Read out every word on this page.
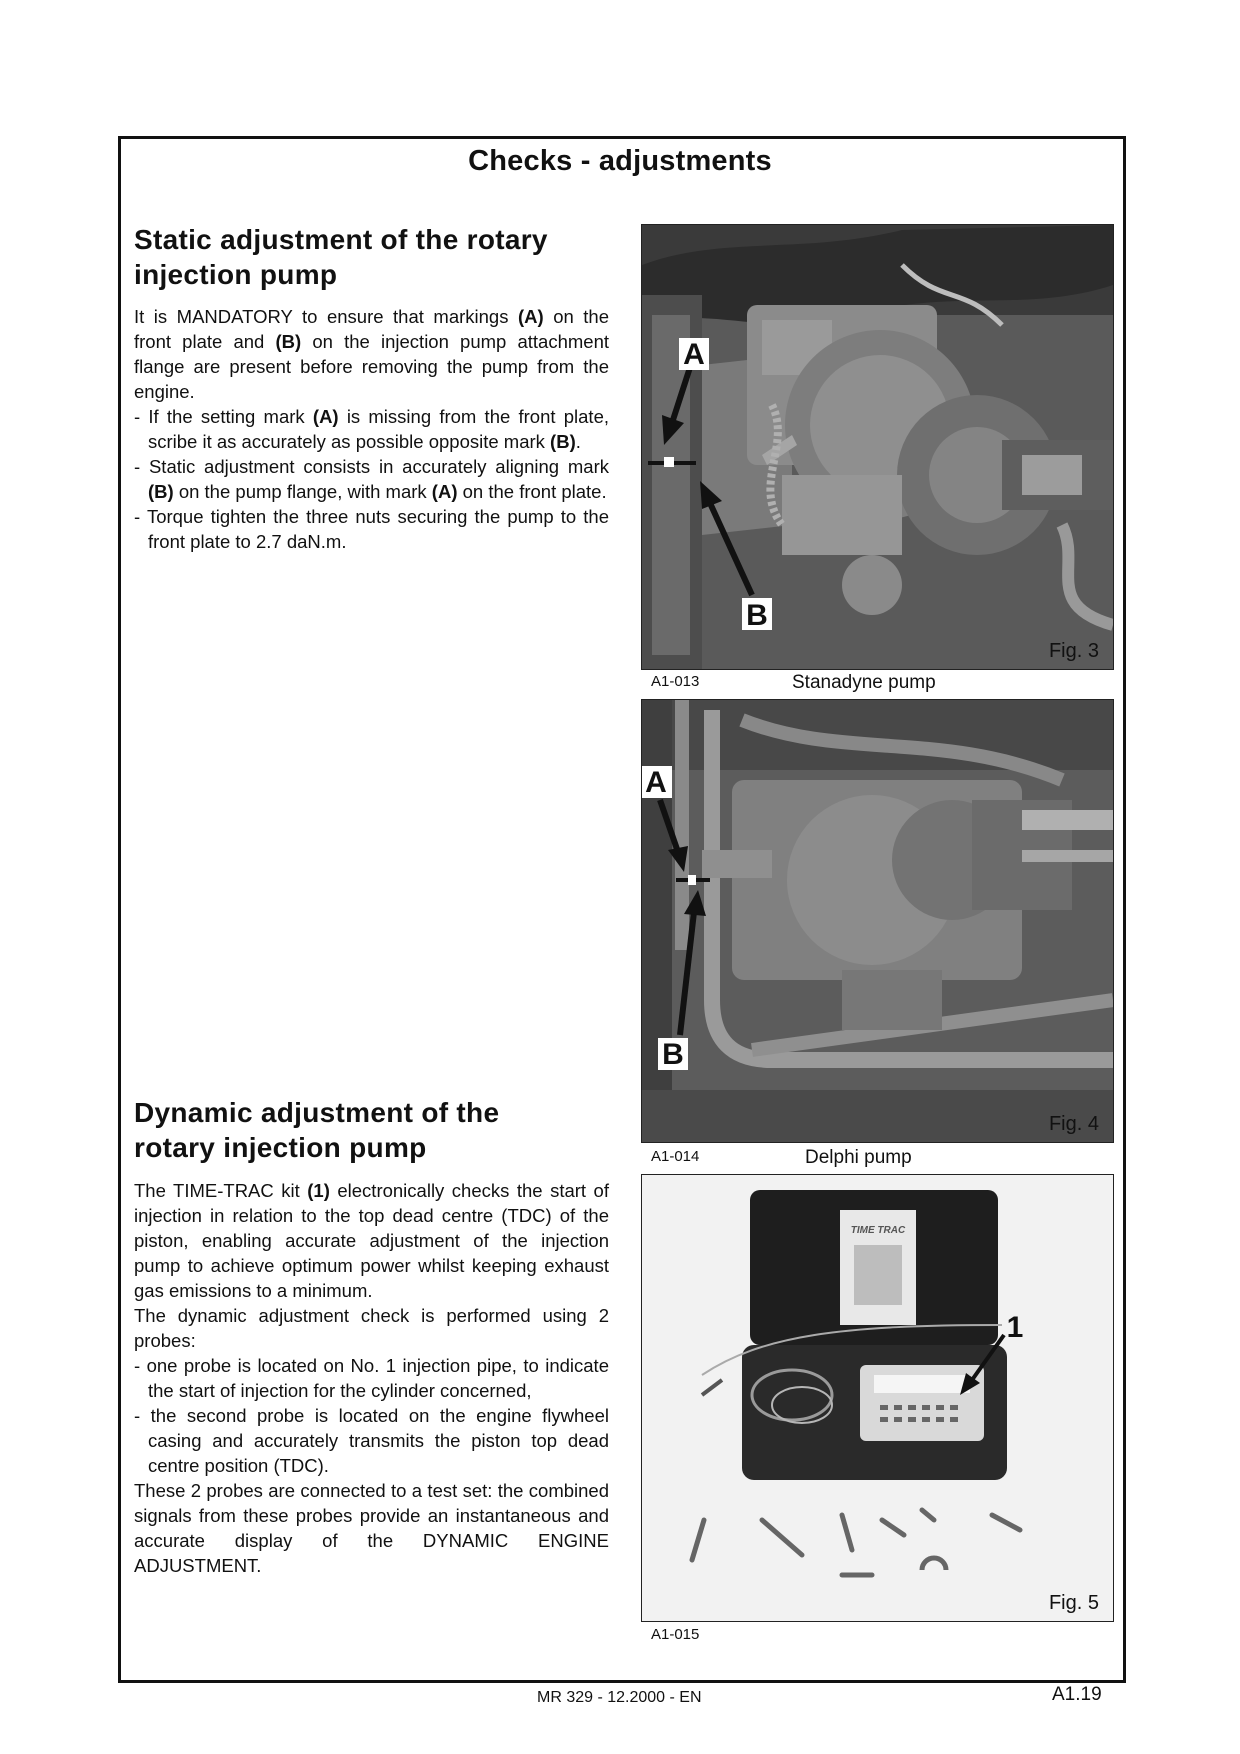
Checks - adjustments
Static adjustment of the rotary
injection pump

It is MANDATORY to ensure that markings (A) on the front plate and (B) on the injection pump attachment flange are present before removing the pump from the engine.

- If the setting mark (A) is missing from the front plate, scribe it as accurately as possible opposite mark (B).

- Static adjustment consists in accurately aligning mark (B) on the pump flange, with mark (A) on the front plate.

- Torque tighten the three nuts securing the pump to the front plate to 2.7 daN.m.

Dynamic adjustment of the
rotary injection pump

The TIME-TRAC kit (1) electronically checks the start of injection in relation to the top dead centre (TDC) of the piston, enabling accurate adjustment of the injection pump to achieve optimum power whilst keeping exhaust gas emissions to a minimum.

The dynamic adjustment check is performed using 2 probes:

- one probe is located on No. 1 injection pipe, to indicate the start of injection for the cylinder concerned,

- the second probe is located on the engine flywheel casing and accurately transmits the piston top dead centre position (TDC).

These 2 probes are connected to a test set: the combined signals from these probes provide an instantaneous and accurate display of the DYNAMIC ENGINE ADJUSTMENT.

A
B
Fig. 3
A1-013	Stanadyne pump
A
B
Fig. 4
A1-014	Delphi pump
TIME TRAC
1
Fig. 5
A1-015
MR 329 - 12.2000 - EN	A1.19
